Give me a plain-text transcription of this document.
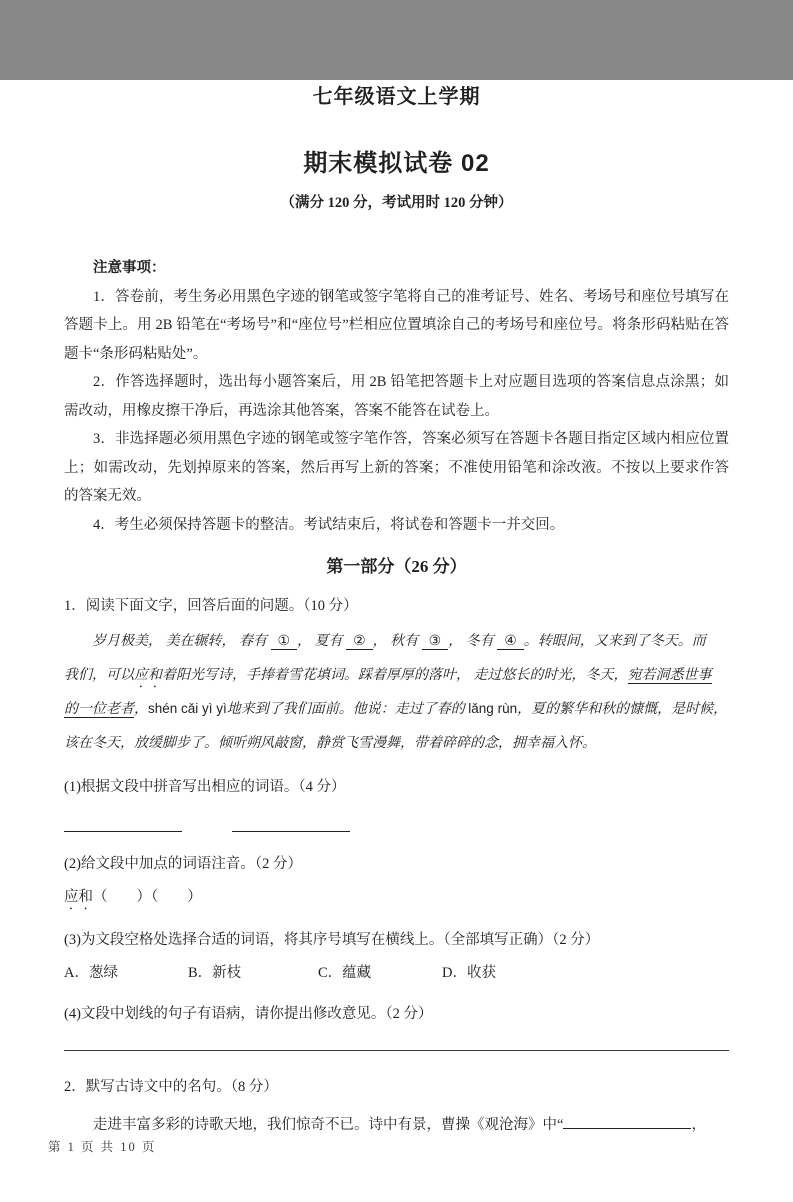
七年级语文上学期
期末模拟试卷 02
（满分 120 分，考试用时 120 分钟）
注意事项：
1．答卷前，考生务必用黑色字迹的钢笔或签字笔将自己的准考证号、姓名、考场号和座位号填写在答题卡上。用 2B 铅笔在“考场号”和“座位号”栏相应位置填涂自己的考场号和座位号。将条形码粘贴在答题卡“条形码粘贴处”。
2．作答选择题时，选出每小题答案后，用 2B 铅笔把答题卡上对应题目选项的答案信息点涂黑；如需改动，用橡皮擦干净后，再选涂其他答案，答案不能答在试卷上。
3．非选择题必须用黑色字迹的钢笔或签字笔作答，答案必须写在答题卡各题目指定区域内相应位置上；如需改动，先划掉原来的答案，然后再写上新的答案；不准使用铅笔和涂改液。不按以上要求作答的答案无效。
4．考生必须保持答题卡的整洁。考试结束后，将试卷和答题卡一并交回。
第一部分（26 分）
1．阅读下面文字，回答后面的问题。（10 分）
岁月极美， 美在辗转， 春有 ① ， 夏有 ② ， 秋有 ③ ， 冬有 ④ 。转眼间，又来到了冬天。而
我们，可以应和着阳光写诗，手捧着雪花填词。踩着厚厚的落叶， 走过悠长的时光，冬天，宛若洞悉世事
的一位老者，shén cǎi yì yì地来到了我们面前。他说：走过了春的 lǎng rùn，夏的繁华和秋的慷慨，是时候，
该在冬天，放缓脚步了。倾听朔风敲窗，静赏飞雪漫舞，带着碎碎的念，拥幸福入怀。
(1)根据文段中拼音写出相应的词语。（4 分）

(2)给文段中加点的词语注音。（2 分）
应和（　　）（　　）
(3)为文段空格处选择合适的词语，将其序号填写在横线上。（全部填写正确）（2 分）
A．葱绿	B．新枝	C．蕴藏	D．收获
(4)文段中划线的句子有语病，请你提出修改意见。（2 分）
2．默写古诗文中的名句。（8 分）
走进丰富多彩的诗歌天地，我们惊奇不已。诗中有景，曹操《观沧海》中“	，
第 1 页 共 10 页
